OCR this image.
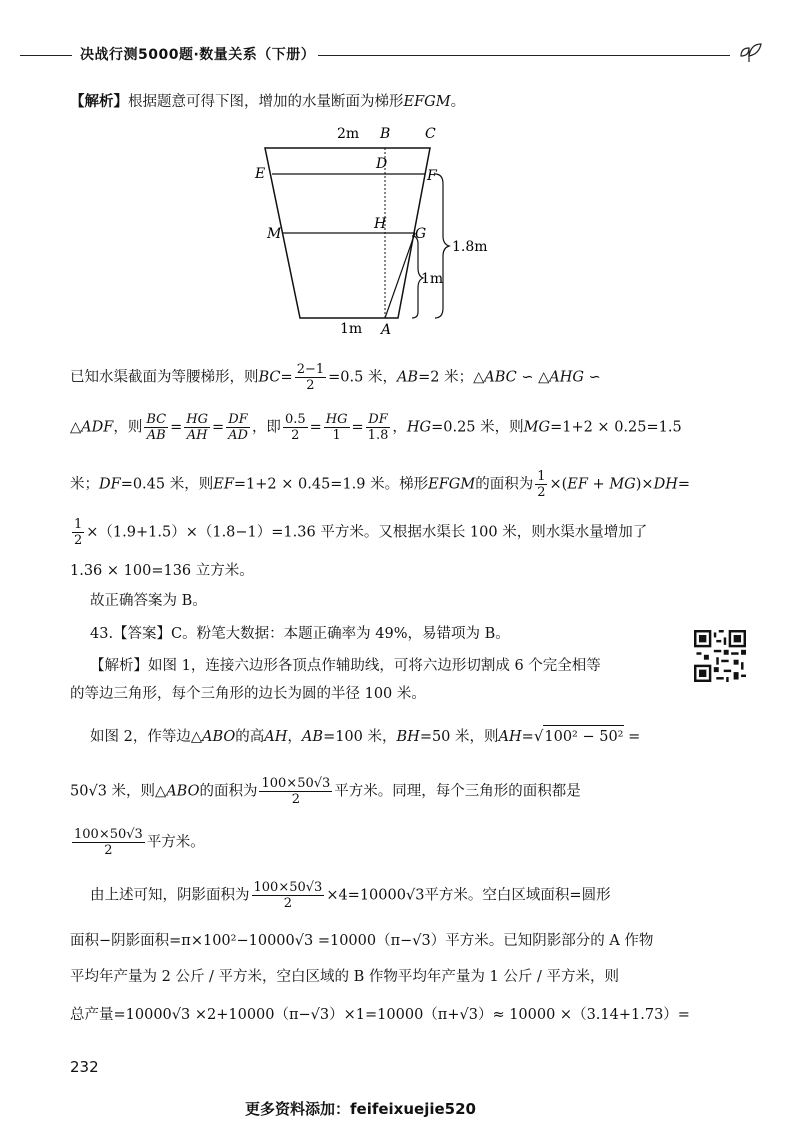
决战行测5000题·数量关系（下册）
【解析】根据题意可得下图，增加的水量断面为梯形EFGM。
2m B C
D
E	F
M
H
G
1m A
1.8m
1m
已知水渠截面为等腰梯形，则$BC= \frac{2-1}{2} =0.5$ 米，AB=2 米；△ABC ∽ △AHG ∽
△ADF，则 $\frac{BC}{AB} = \frac{HG}{AH} = \frac{DF}{AD}$ ，即 $\frac{0.5}{2} = \frac{HG}{1} = \frac{DF}{1.8}$ ，HG=0.25 米，则MG=1+2 × 0.25=1.5
米；DF=0.45 米，则EF=1+2 × 0.45=1.9 米。梯形EFGM的面积为 $\frac{1}{2} \times(EF + MG)\times DH=$
$\frac{1}{2} \times(1.9+1.5)\times(1.8-1)=1.36$ 平方米。又根据水渠长 100 米，则水渠水量增加了
1.36 × 100=136 立方米。
故正确答案为 B。
43.【答案】C。粉笔大数据：本题正确率为 49%，易错项为 B。
【解析】如图 1，连接六边形各顶点作辅助线，可将六边形切割成 6 个完全相等
的等边三角形，每个三角形的边长为圆的半径 100 米。
如图 2，作等边△ABO的高AH，AB=100 米，BH=50 米，则AH=√100² − 50² =
50√3 米，则△ABO的面积为 $\frac{100\times 50√3}{2}$ 平方米。同理，每个三角形的面积都是
$\frac{100\times 50√3}{2}$ 平方米。
由上述可知，阴影面积为 $\frac{100\times 50√3}{2} \times 4=10000√3$平方米。空白区域面积=圆形
面积−阴影面积=π×100²−10000√3 =10000（π−√3）平方米。已知阴影部分的 A 作物
平均年产量为 2 公斤 / 平方米，空白区域的 B 作物平均年产量为 1 公斤 / 平方米，则
总产量=10000√3 ×2+10000（π−√3）×1=10000（π+√3）≈ 10000 ×（3.14+1.73）=
232
更多资料添加：feifeixuejie520
